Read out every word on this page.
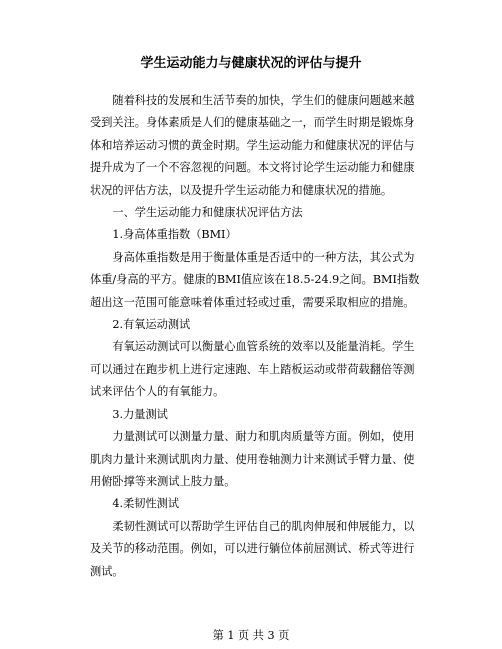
学生运动能力与健康状况的评估与提升

随着科技的发展和生活节奏的加快，学生们的健康问题越来越受到关注。身体素质是人们的健康基础之一，而学生时期是锻炼身体和培养运动习惯的黄金时期。学生运动能力和健康状况的评估与提升成为了一个不容忽视的问题。本文将讨论学生运动能力和健康状况的评估方法，以及提升学生运动能力和健康状况的措施。

一、学生运动能力和健康状况评估方法

1.身高体重指数（BMI）

身高体重指数是用于衡量体重是否适中的一种方法，其公式为体重/身高的平方。健康的BMI值应该在18.5-24.9之间。BMI指数超出这一范围可能意味着体重过轻或过重，需要采取相应的措施。

2.有氧运动测试

有氧运动测试可以衡量心血管系统的效率以及能量消耗。学生可以通过在跑步机上进行定速跑、车上踏板运动或带荷载翻倍等测试来评估个人的有氧能力。

3.力量测试

力量测试可以测量力量、耐力和肌肉质量等方面。例如，使用肌肉力量计来测试肌肉力量、使用卷轴测力计来测试手臂力量、使用俯卧撑等来测试上肢力量。

4.柔韧性测试

柔韧性测试可以帮助学生评估自己的肌肉伸展和伸展能力，以及关节的移动范围。例如，可以进行躺位体前屈测试、桥式等进行测试。

第 1 页 共 3 页
